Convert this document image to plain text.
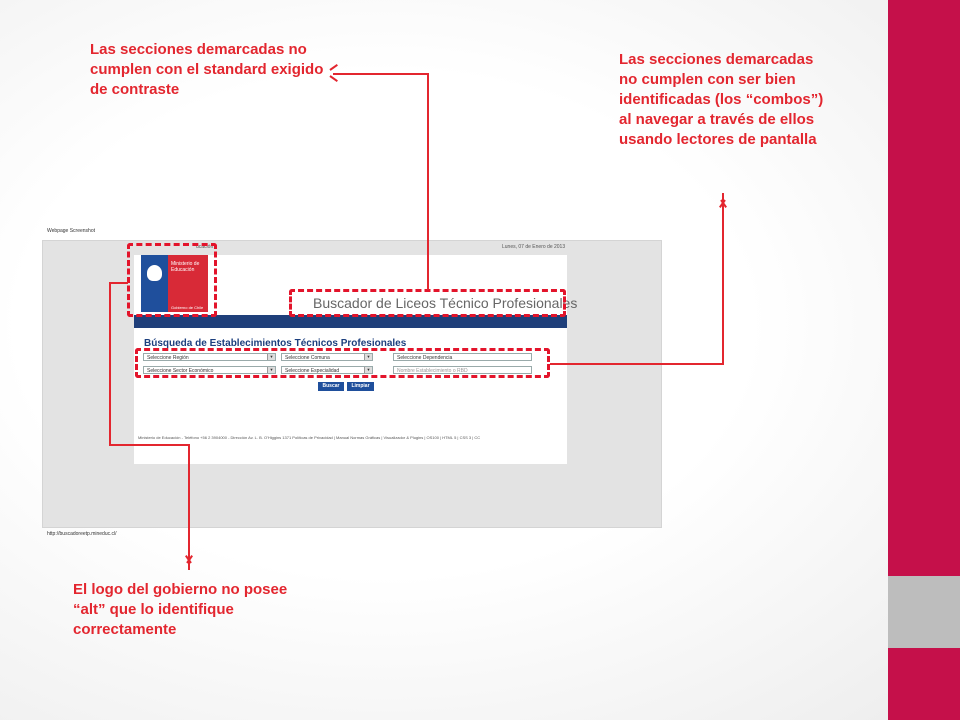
Las secciones demarcadas no cumplen con el standard exigido de contraste
Las secciones demarcadas no cumplen con ser bien identificadas (los “combos”) al navegar a través de ellos usando lectores de pantalla
El logo del gobierno no posee “alt” que lo identifique correctamente
Webpage Screenshot
ucación	Lunes, 07 de Enero de 2013
Ministerio de
Educación
Gobierno de Chile	Buscador de Liceos Técnico Profesionales
Búsqueda de Establecimientos Técnicos Profesionales
Seleccione Región	▼	Seleccione Comuna	▼	Seleccione Dependencia
Seleccione Sector Económico	▼	Seleccione Especialidad	▼	Nombre Establecimiento o RBD
Buscar	Limpiar
Ministerio de Educación - Teléfono +56 2 3904000 - Dirección Av. L. B. O'Higgins 1371 Políticas de Privacidad | Manual Normas Gráficas | Visualizador & Plugins | OS100 | HTML 5 | CSS 3 | CC
http://buscadoreetp.mineduc.cl/
